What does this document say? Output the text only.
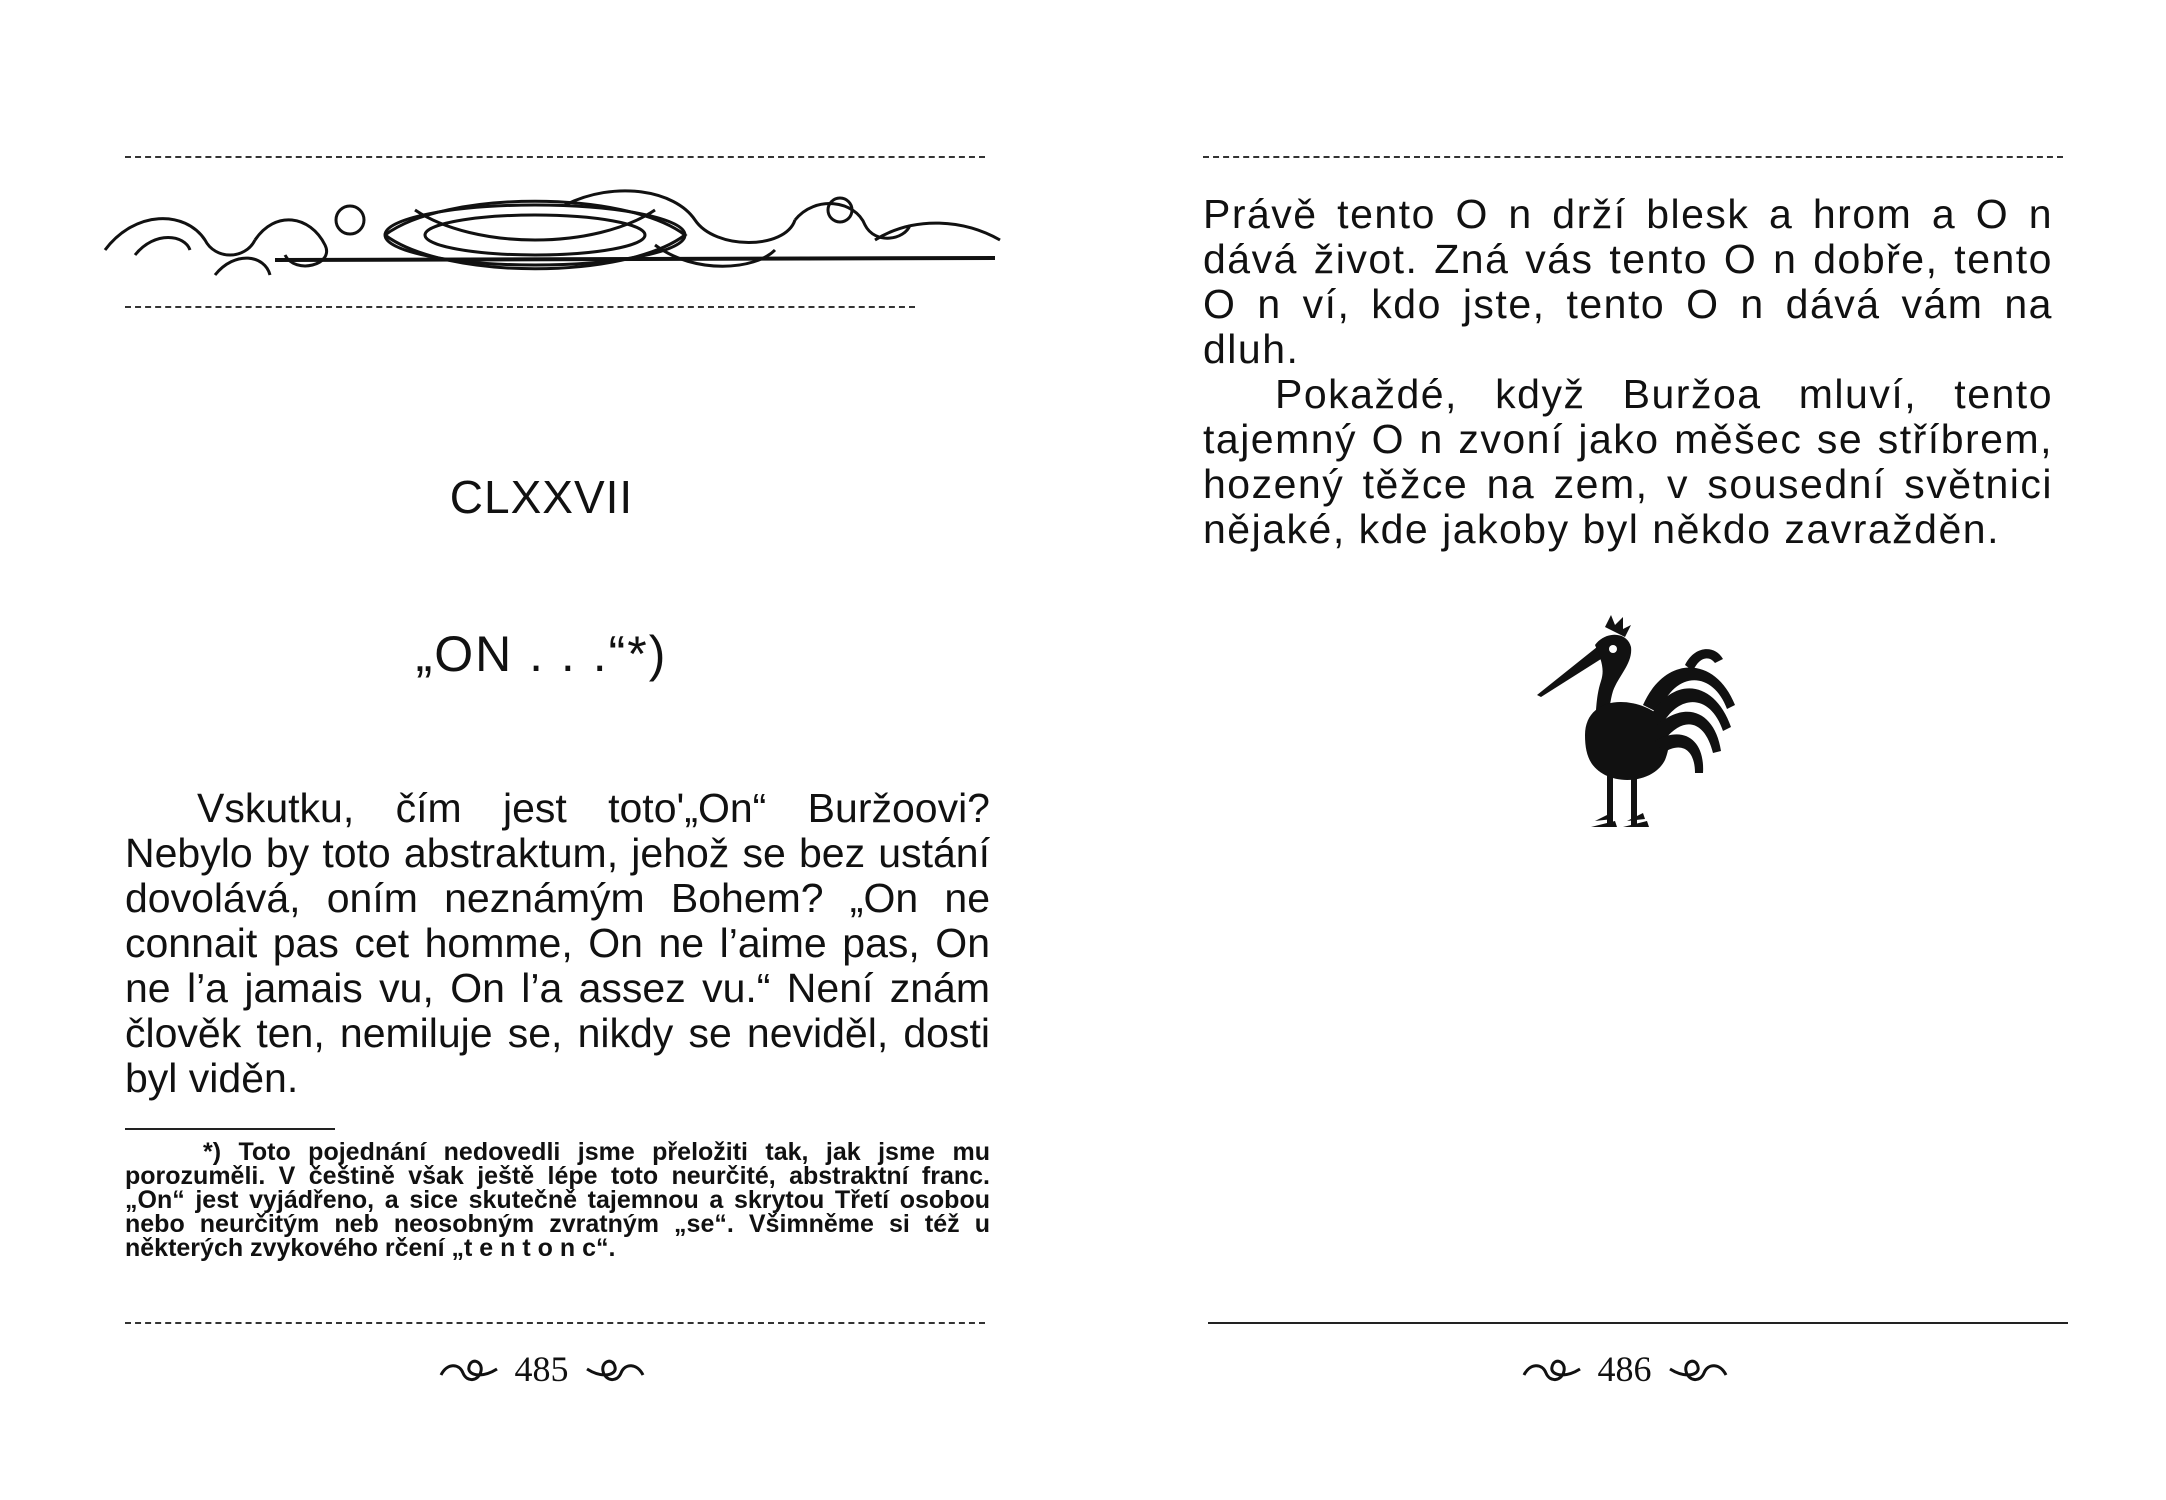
CLXXVII
„ON . . .“*)

Vskutku, čím jest toto'„On“ Buržoovi? Nebylo by toto abstraktum, jehož se bez ustání dovolává, oním neznámým Bohem? „On ne connait pas cet homme, On ne l’aime pas, On ne l’a jamais vu, On l’a assez vu.“ Není znám člověk ten, nemiluje se, nikdy se neviděl, dosti byl viděn.

*) Toto pojednání nedovedli jsme přeložiti tak, jak jsme mu porozuměli. V češtině však ještě lépe toto neurčité, abstraktní franc. „On“ jest vyjádřeno, a sice skutečně tajemnou a skrytou Třetí osobou nebo neurčitým neb neosobným zvratným „se“. Všimněme si též u některých zvykového rčení „t e n t o n c“.

485

Právě tento O n drží blesk a hrom a O n dává život. Zná vás tento O n dobře, tento O n ví, kdo jste, tento O n dává vám na dluh.

Pokaždé, když Buržoa mluví, tento tajemný O n zvoní jako měšec se stříbrem, hozený těžce na zem, v sousední světnici nějaké, kde jakoby byl někdo zavražděn.

486
